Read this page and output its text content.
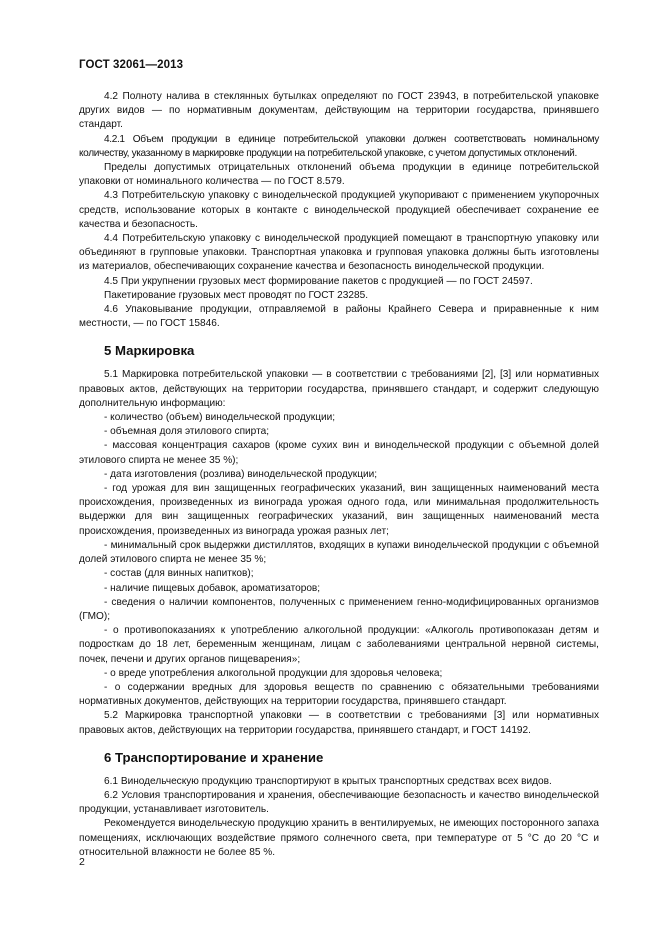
ГОСТ 32061—2013

4.2 Полноту налива в стеклянных бутылках определяют по ГОСТ 23943, в потребительской упаковке других видов — по нормативным документам, действующим на территории государства, принявшего стандарт.

4.2.1 Объем продукции в единице потребительской упаковки должен соответствовать номинальному количеству, указанному в маркировке продукции на потребительской упаковке, с учетом допустимых отклонений.

Пределы допустимых отрицательных отклонений объема продукции в единице потребительской упаковки от номинального количества — по ГОСТ 8.579.

4.3 Потребительскую упаковку с винодельческой продукцией укупоривают с применением укупорочных средств, использование которых в контакте с винодельческой продукцией обеспечивает сохранение ее качества и безопасность.

4.4 Потребительскую упаковку с винодельческой продукцией помещают в транспортную упаковку или объединяют в групповые упаковки. Транспортная упаковка и групповая упаковка должны быть изготовлены из материалов, обеспечивающих сохранение качества и безопасность винодельческой продукции.

4.5 При укрупнении грузовых мест формирование пакетов с продукцией — по ГОСТ 24597.

Пакетирование грузовых мест проводят по ГОСТ 23285.

4.6 Упаковывание продукции, отправляемой в районы Крайнего Севера и приравненные к ним местности, — по ГОСТ 15846.

5 Маркировка

5.1 Маркировка потребительской упаковки — в соответствии с требованиями [2], [3] или нормативных правовых актов, действующих на территории государства, принявшего стандарт, и содержит следующую дополнительную информацию:

- количество (объем) винодельческой продукции;

- объемная доля этилового спирта;

- массовая концентрация сахаров (кроме сухих вин и винодельческой продукции с объемной долей этилового спирта не менее 35 %);

- дата изготовления (розлива) винодельческой продукции;

- год урожая для вин защищенных географических указаний, вин защищенных наименований места происхождения, произведенных из винограда урожая одного года, или минимальная продолжительность выдержки для вин защищенных географических указаний, вин защищенных наименований места происхождения, произведенных из винограда урожая разных лет;

- минимальный срок выдержки дистиллятов, входящих в купажи винодельческой продукции с объемной долей этилового спирта не менее 35 %;

- состав (для винных напитков);

- наличие пищевых добавок, ароматизаторов;

- сведения о наличии компонентов, полученных с применением генно-модифицированных организмов (ГМО);

- о противопоказаниях к употреблению алкогольной продукции: «Алкоголь противопоказан детям и подросткам до 18 лет, беременным женщинам, лицам с заболеваниями центральной нервной системы, почек, печени и других органов пищеварения»;

- о вреде употребления алкогольной продукции для здоровья человека;

- о содержании вредных для здоровья веществ по сравнению с обязательными требованиями нормативных документов, действующих на территории государства, принявшего стандарт.

5.2 Маркировка транспортной упаковки — в соответствии с требованиями [3] или нормативных правовых актов, действующих на территории государства, принявшего стандарт, и ГОСТ 14192.

6 Транспортирование и хранение

6.1 Винодельческую продукцию транспортируют в крытых транспортных средствах всех видов.

6.2 Условия транспортирования и хранения, обеспечивающие безопасность и качество винодельческой продукции, устанавливает изготовитель.

Рекомендуется винодельческую продукцию хранить в вентилируемых, не имеющих посторонного запаха помещениях, исключающих воздействие прямого солнечного света, при температуре от 5 °С до 20 °С и относительной влажности не более 85 %.

2
